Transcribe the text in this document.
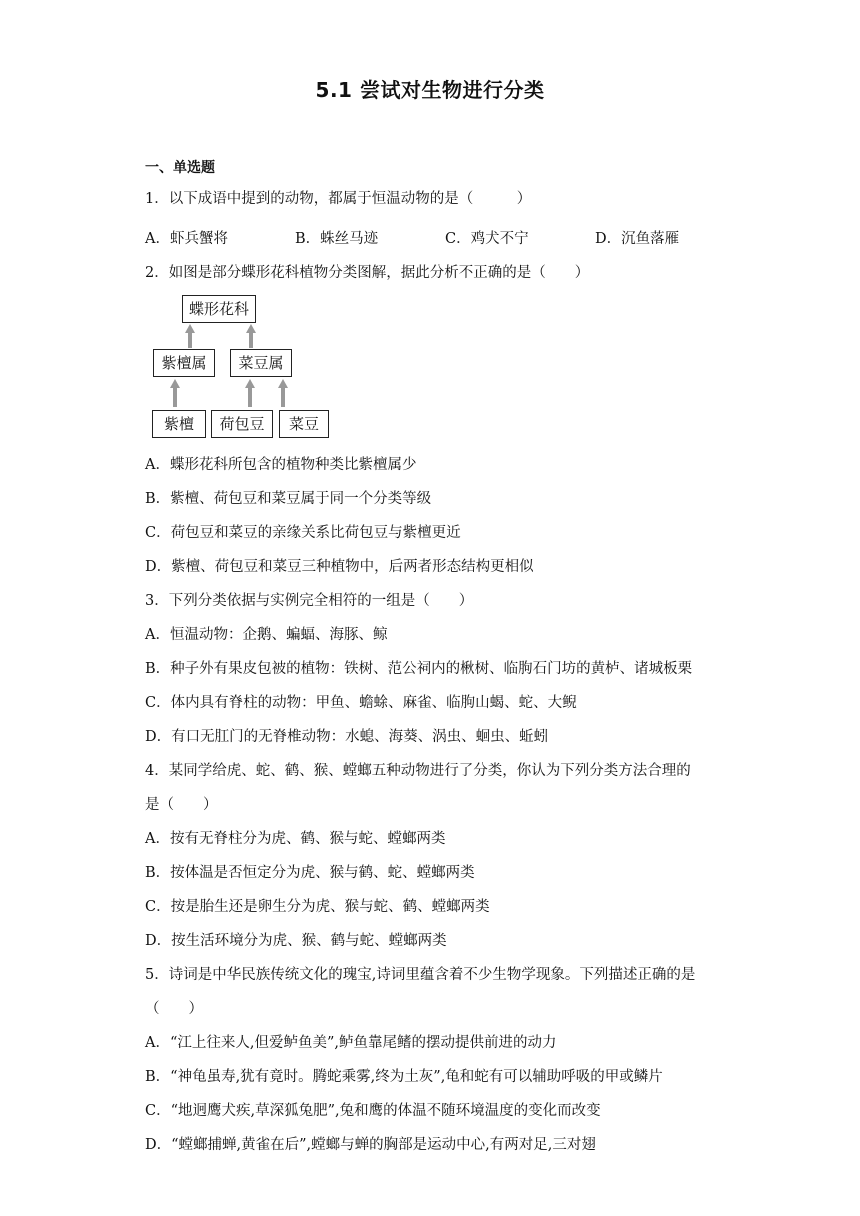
5.1 尝试对生物进行分类
一、单选题
1．以下成语中提到的动物，都属于恒温动物的是（　　　）
A．虾兵蟹将	B．蛛丝马迹	C．鸡犬不宁	D．沉鱼落雁
2．如图是部分蝶形花科植物分类图解，据此分析不正确的是（　　）
蝶形花科
紫檀属	菜豆属
紫檀	荷包豆	菜豆
A．蝶形花科所包含的植物种类比紫檀属少
B．紫檀、荷包豆和菜豆属于同一个分类等级
C．荷包豆和菜豆的亲缘关系比荷包豆与紫檀更近
D．紫檀、荷包豆和菜豆三种植物中，后两者形态结构更相似
3．下列分类依据与实例完全相符的一组是（　　）
A．恒温动物：企鹅、蝙蝠、海豚、鲸
B．种子外有果皮包被的植物：铁树、范公祠内的楸树、临朐石门坊的黄栌、诸城板栗
C．体内具有脊柱的动物：甲鱼、蟾蜍、麻雀、临朐山蝎、蛇、大鲵
D．有口无肛门的无脊椎动物：水螅、海葵、涡虫、蛔虫、蚯蚓
4．某同学给虎、蛇、鹤、猴、螳螂五种动物进行了分类，你认为下列分类方法合理的
是（　　）
A．按有无脊柱分为虎、鹤、猴与蛇、螳螂两类
B．按体温是否恒定分为虎、猴与鹤、蛇、螳螂两类
C．按是胎生还是卵生分为虎、猴与蛇、鹤、螳螂两类
D．按生活环境分为虎、猴、鹤与蛇、螳螂两类
5．诗词是中华民族传统文化的瑰宝,诗词里蕴含着不少生物学现象。下列描述正确的是
（　　）
A．“江上往来人,但爱鲈鱼美”,鲈鱼靠尾鳍的摆动提供前进的动力
B．“神龟虽寿,犹有竟时。腾蛇乘雾,终为土灰”,龟和蛇有可以辅助呼吸的甲或鳞片
C．“地迥鹰犬疾,草深狐兔肥”,兔和鹰的体温不随环境温度的变化而改变
D．“螳螂捕蝉,黄雀在后”,螳螂与蝉的胸部是运动中心,有两对足,三对翅
